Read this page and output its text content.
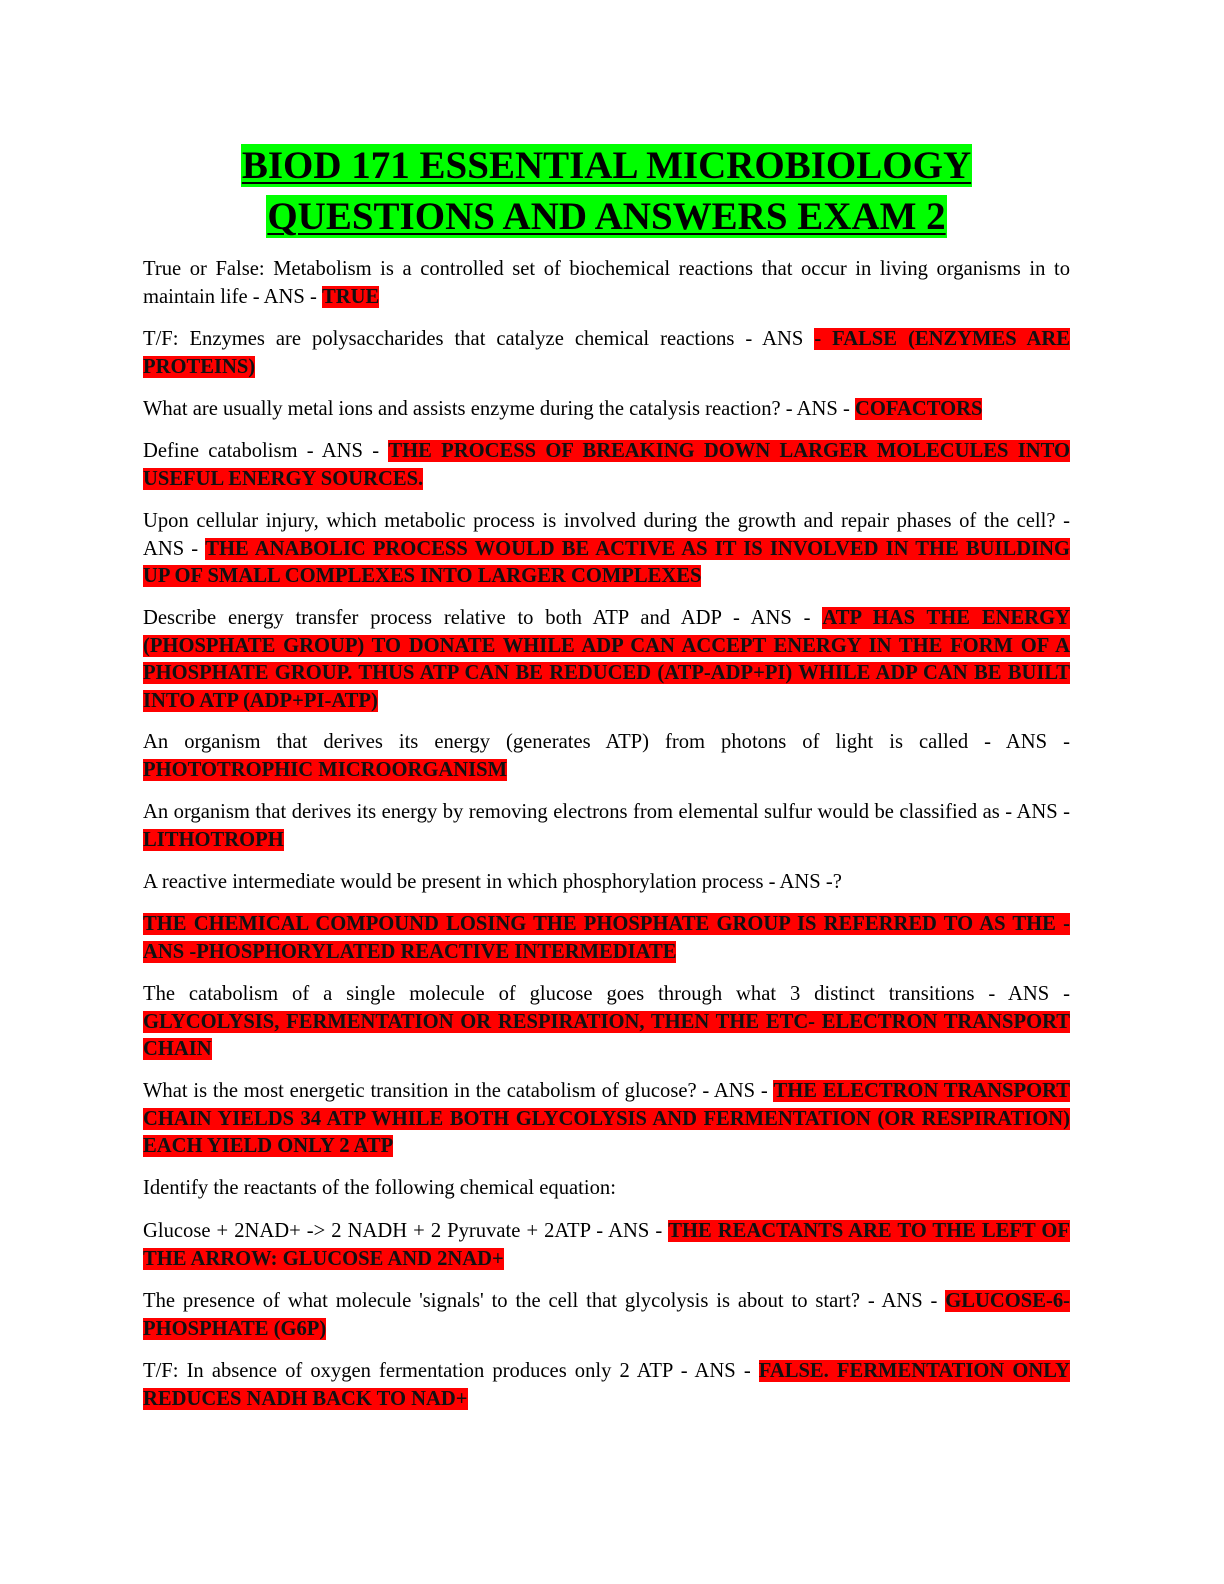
BIOD 171 ESSENTIAL MICROBIOLOGY
QUESTIONS AND ANSWERS EXAM 2

True or False: Metabolism is a controlled set of biochemical reactions that occur in living organisms in to maintain life - ANS - TRUE

T/F: Enzymes are polysaccharides that catalyze chemical reactions - ANS - FALSE (ENZYMES ARE PROTEINS)

What are usually metal ions and assists enzyme during the catalysis reaction? - ANS - COFACTORS

Define catabolism - ANS - THE PROCESS OF BREAKING DOWN LARGER MOLECULES INTO USEFUL ENERGY SOURCES.

Upon cellular injury, which metabolic process is involved during the growth and repair phases of the cell? - ANS - THE ANABOLIC PROCESS WOULD BE ACTIVE AS IT IS INVOLVED IN THE BUILDING UP OF SMALL COMPLEXES INTO LARGER COMPLEXES

Describe energy transfer process relative to both ATP and ADP - ANS - ATP HAS THE ENERGY (PHOSPHATE GROUP) TO DONATE WHILE ADP CAN ACCEPT ENERGY IN THE FORM OF A PHOSPHATE GROUP. THUS ATP CAN BE REDUCED (ATP-ADP+PI) WHILE ADP CAN BE BUILT INTO ATP (ADP+PI-ATP)

An organism that derives its energy (generates ATP) from photons of light is called - ANS - PHOTOTROPHIC MICROORGANISM

An organism that derives its energy by removing electrons from elemental sulfur would be classified as - ANS - LITHOTROPH

A reactive intermediate would be present in which phosphorylation process - ANS -?

THE CHEMICAL COMPOUND LOSING THE PHOSPHATE GROUP IS REFERRED TO AS THE - ANS -PHOSPHORYLATED REACTIVE INTERMEDIATE

The catabolism of a single molecule of glucose goes through what 3 distinct transitions - ANS - GLYCOLYSIS, FERMENTATION OR RESPIRATION, THEN THE ETC- ELECTRON TRANSPORT CHAIN

What is the most energetic transition in the catabolism of glucose? - ANS - THE ELECTRON TRANSPORT CHAIN YIELDS 34 ATP WHILE BOTH GLYCOLYSIS AND FERMENTATION (OR RESPIRATION) EACH YIELD ONLY 2 ATP

Identify the reactants of the following chemical equation:

Glucose + 2NAD+ -> 2 NADH + 2 Pyruvate + 2ATP - ANS - THE REACTANTS ARE TO THE LEFT OF THE ARROW: GLUCOSE AND 2NAD+

The presence of what molecule 'signals' to the cell that glycolysis is about to start? - ANS - GLUCOSE-6-PHOSPHATE (G6P)

T/F: In absence of oxygen fermentation produces only 2 ATP - ANS - FALSE. FERMENTATION ONLY REDUCES NADH BACK TO NAD+
